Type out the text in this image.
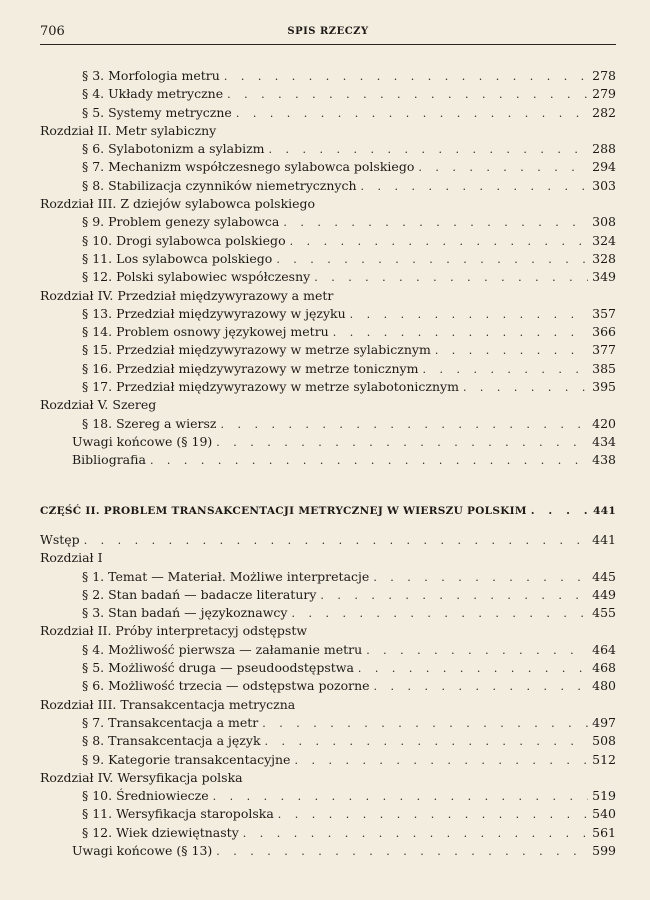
706	SPIS RZECZY
§ 3. Morfologia metru . . .	278
§ 4. Układy metryczne . . .	279
§ 5. Systemy metryczne . . .	282
Rozdział II. Metr sylabiczny
§ 6. Sylabotonizm a sylabizm . . .	288
§ 7. Mechanizm współczesnego sylabowca polskiego . . .	294
§ 8. Stabilizacja czynników niemetrycznych . . .	303
Rozdział III. Z dziejów sylabowca polskiego
§ 9. Problem genezy sylabowca . . .	308
§ 10. Drogi sylabowca polskiego . . .	324
§ 11. Los sylabowca polskiego . . .	328
§ 12. Polski sylabowiec współczesny . . .	349
Rozdział IV. Przedział międzywyrazowy a metr
§ 13. Przedział międzywyrazowy w języku . . .	357
§ 14. Problem osnowy językowej metru . . .	366
§ 15. Przedział międzywyrazowy w metrze sylabicznym . . .	377
§ 16. Przedział międzywyrazowy w metrze tonicznym . . .	385
§ 17. Przedział międzywyrazowy w metrze sylabotonicznym . . .	395
Rozdział V. Szereg
§ 18. Szereg a wiersz . . .	420
Uwagi końcowe (§ 19) . . .	434
Bibliografia . . .	438
CZĘŚĆ II. PROBLEM TRANSAKCENTACJI METRYCZNEJ W WIERSZU POLSKIM . . .	441
Wstęp . . .	441
Rozdział I
§ 1. Temat — Materiał. Możliwe interpretacje . . .	445
§ 2. Stan badań — badacze literatury . . .	449
§ 3. Stan badań — językoznawcy . . .	455
Rozdział II. Próby interpretacyj odstępstw
§ 4. Możliwość pierwsza — załamanie metru . . .	464
§ 5. Możliwość druga — pseudoodstępstwa . . .	468
§ 6. Możliwość trzecia — odstępstwa pozorne . . .	480
Rozdział III. Transakcentacja metryczna
§ 7. Transakcentacja a metr . . .	497
§ 8. Transakcentacja a język . . .	508
§ 9. Kategorie transakcentacyjne . . .	512
Rozdział IV. Wersyfikacja polska
§ 10. Średniowiecze . . .	519
§ 11. Wersyfikacja staropolska . . .	540
§ 12. Wiek dziewiętnasty . . .	561
Uwagi końcowe (§ 13) . . .	599
